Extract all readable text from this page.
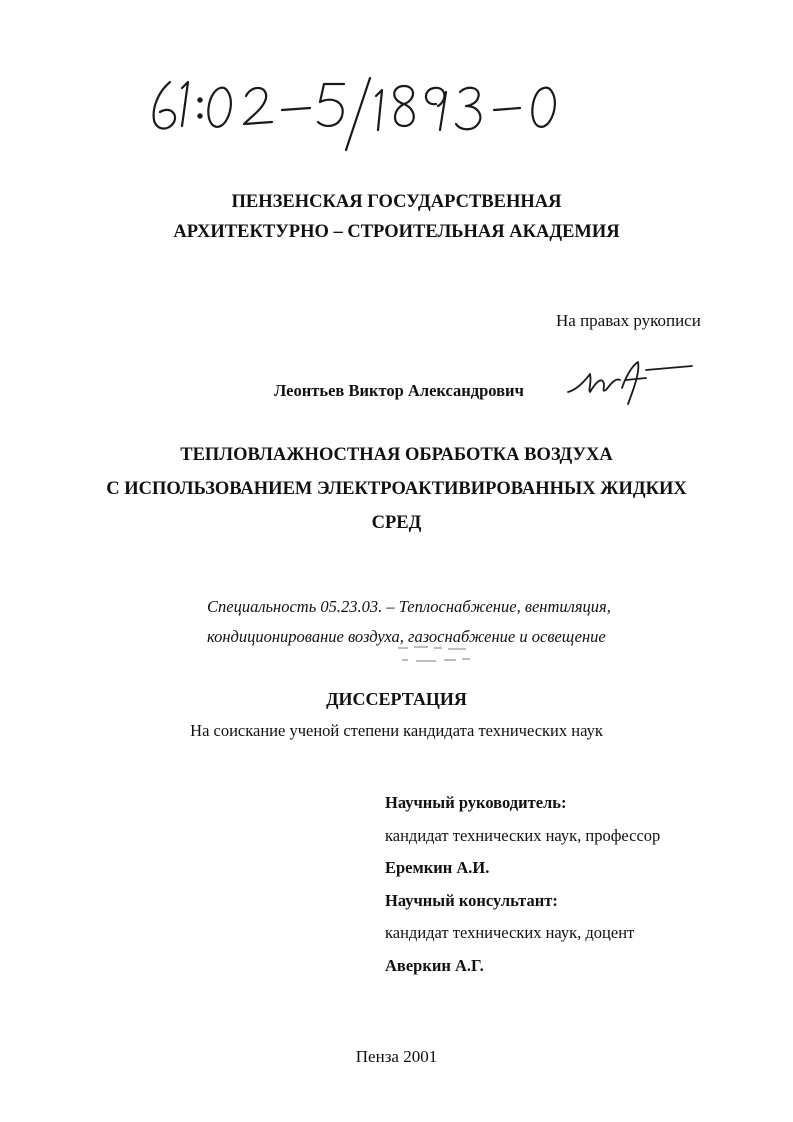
ПЕНЗЕНСКАЯ ГОСУДАРСТВЕННАЯ
АРХИТЕКТУРНО – СТРОИТЕЛЬНАЯ АКАДЕМИЯ
На правах рукописи
Леонтьев Виктор Александрович
ТЕПЛОВЛАЖНОСТНАЯ ОБРАБОТКА ВОЗДУХА
С ИСПОЛЬЗОВАНИЕМ ЭЛЕКТРОАКТИВИРОВАННЫХ ЖИДКИХ
СРЕД
Специальность 05.23.03. – Теплоснабжение, вентиляция,
кондиционирование воздуха, газоснабжение и освещение
ДИССЕРТАЦИЯ
На соискание ученой степени кандидата технических наук
Научный руководитель:
кандидат технических наук, профессор
Еремкин А.И.
Научный консультант:
кандидат технических наук, доцент
Аверкин А.Г.
Пенза 2001
